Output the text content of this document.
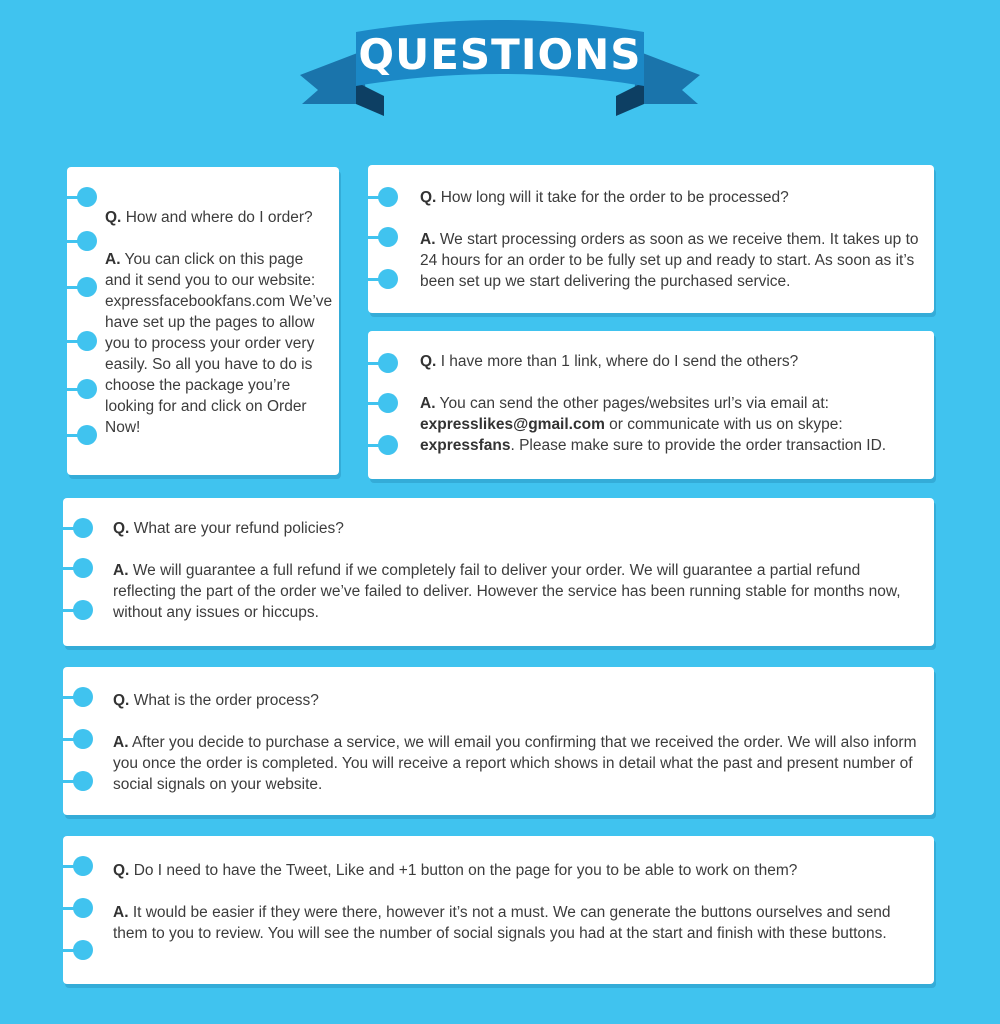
QUESTIONS

Q. How and where do I order?

A. You can click on this page and it send you to our website: expressfacebookfans.com We’ve have set up the pages to allow you to process your order very easily. So all you have to do is choose the package you’re looking for and click on Order Now!

Q. How long will it take for the order to be processed?

A. We start processing orders as soon as we receive them. It takes up to 24 hours for an order to be fully set up and ready to start. As soon as it’s been set up we start delivering the purchased service.

Q. I have more than 1 link, where do I send the others?

A. You can send the other pages/websites url’s via email at: expresslikes@gmail.com or communicate with us on skype: expressfans. Please make sure to provide the order transaction ID.

Q. What are your refund policies?

A. We will guarantee a full refund if we completely fail to deliver your order. We will guarantee a partial refund reflecting the part of the order we’ve failed to deliver. However the service has been running stable for months now, without any issues or hiccups.

Q. What is the order process?

A. After you decide to purchase a service, we will email you confirming that we received the order. We will also inform you once the order is completed. You will receive a report which shows in detail what the past and present number of social signals on your website.

Q. Do I need to have the Tweet, Like and +1 button on the page for you to be able to work on them?

A. It would be easier if they were there, however it’s not a must. We can generate the buttons ourselves and send them to you to review. You will see the number of social signals you had at the start and finish with these buttons.
